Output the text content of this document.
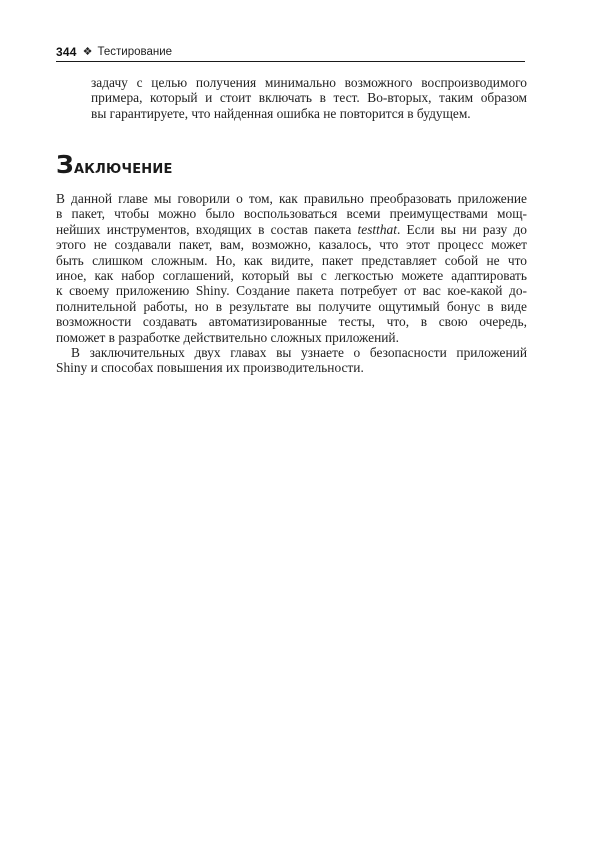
344 ❖ Тестирование
задачу с целью получения минимально возможного воспроизводимого
примера, который и стоит включать в тест. Во-вторых, таким образом
вы гарантируете, что найденная ошибка не повторится в будущем.
Заключение

В данной главе мы говорили о том, как правильно преобразовать приложение
в пакет, чтобы можно было воспользоваться всеми преимуществами мощ-
нейших инструментов, входящих в состав пакета testthat. Если вы ни разу до
этого не создавали пакет, вам, возможно, казалось, что этот процесс может
быть слишком сложным. Но, как видите, пакет представляет собой не что
иное, как набор соглашений, который вы с легкостью можете адаптировать
к своему приложению Shiny. Создание пакета потребует от вас кое-какой до-
полнительной работы, но в результате вы получите ощутимый бонус в виде
возможности создавать автоматизированные тесты, что, в свою очередь,
поможет в разработке действительно сложных приложений.

В заключительных двух главах вы узнаете о безопасности приложений
Shiny и способах повышения их производительности.
